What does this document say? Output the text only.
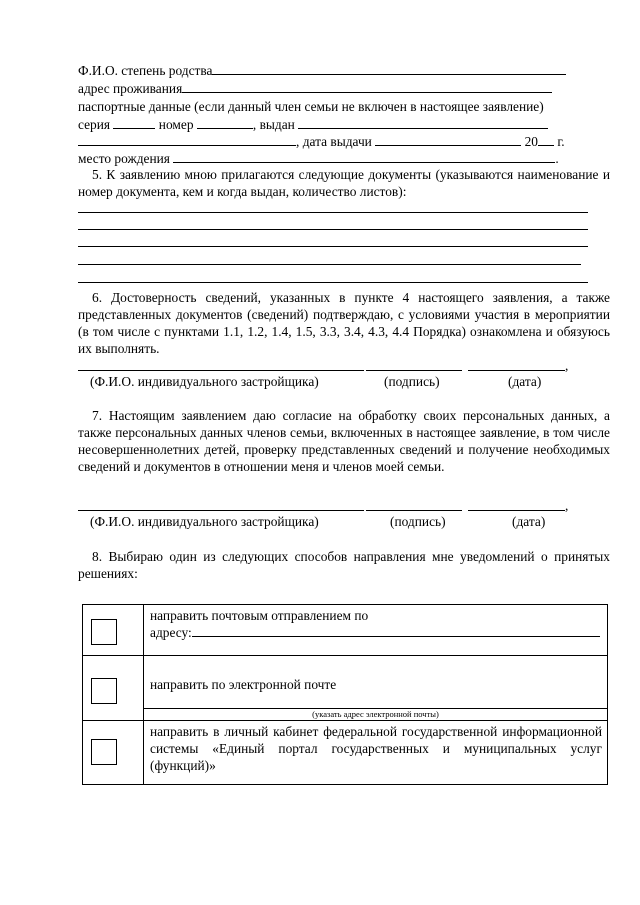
Ф.И.О. степень родства
адрес проживания
паспортные данные (если данный член семьи не включен в настоящее заявление)
серия	номер	, выдан
, дата выдачи	20 г.
место рождения	.
5. К заявлению мною прилагаются следующие документы (указываются наименование и номер документа, кем и когда выдан, количество листов):
6. Достоверность сведений, указанных в пункте 4 настоящего заявления, а также представленных документов (сведений) подтверждаю, с условиями участия в мероприятии (в том числе с пунктами 1.1, 1.2, 1.4, 1.5, 3.3, 3.4, 4.3, 4.4 Порядка) ознакомлена и обязуюсь их выполнять.
,
(Ф.И.О. индивидуального застройщика)	(подпись)	(дата)
7. Настоящим заявлением даю согласие на обработку своих персональных данных, а также персональных данных членов семьи, включенных в настоящее заявление, в том числе несовершеннолетних детей, проверку представленных сведений и получение необходимых сведений и документов в отношении меня и членов моей семьи.
,
(Ф.И.О. индивидуального застройщика)	(подпись)	(дата)
8. Выбираю один из следующих способов направления мне уведомлений о принятых решениях:

	направить почтовым отправлением по
адресу:

	направить по электронной почте
(указать адрес электронной почты)

	направить в личный кабинет федеральной государственной информационной системы «Единый портал государственных и муниципальных услуг (функций)»
